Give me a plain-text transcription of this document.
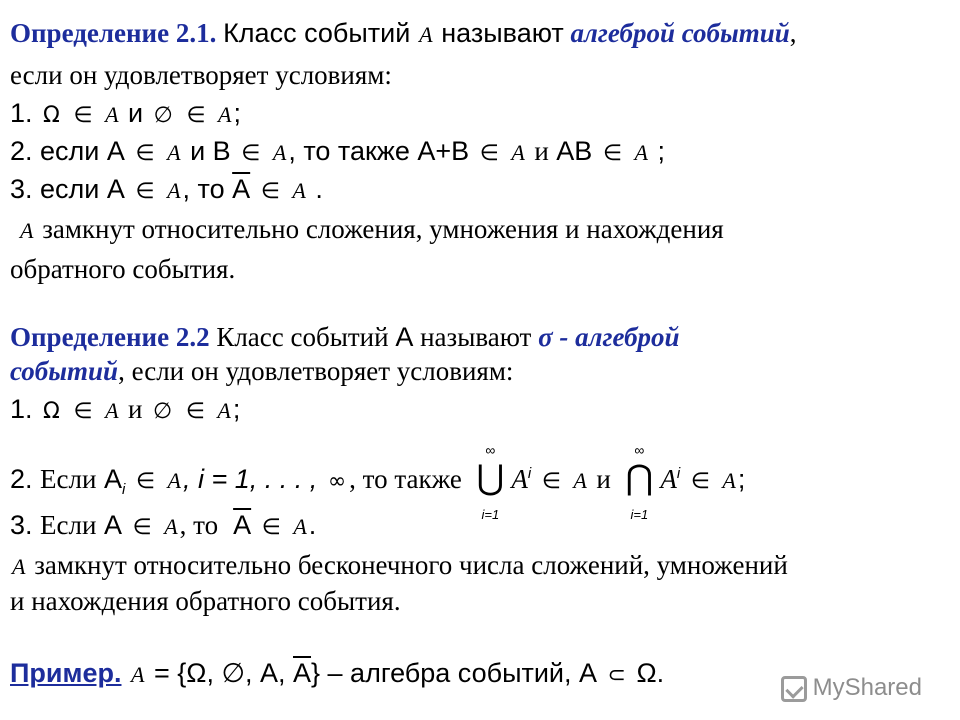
Определение 2.1. Класс событий A называют алгеброй событий,
если он удовлетворяет условиям:
1. Ω ∈ A и ∅ ∈ A;
2. если А ∈ A и В ∈ A, то также А+В ∈ A и АВ ∈ A ;
3. если А ∈ A, то А ∈ A .
A замкнут относительно сложения, умножения и нахождения
обратного события.
Определение 2.2 Класс событий А называют σ - алгеброй
событий, если он удовлетворяет условиям:
1. Ω ∈ A и ∅ ∈ A;
2. Если $А_i$ ∈ A, i = 1, . . . , ∞ , то также
∞
⋃
i=1
$А^i$ ∈ A и
∞
⋂
i=1
$А^i$ ∈ A;
3. Если А ∈ A, то А ∈ A.
A замкнут относительно бесконечного числа сложений, умножений
и нахождения обратного события.
Пример. A = {Ω, ∅, А, А} – алгебра событий, А ⊂ Ω.	MyShared
